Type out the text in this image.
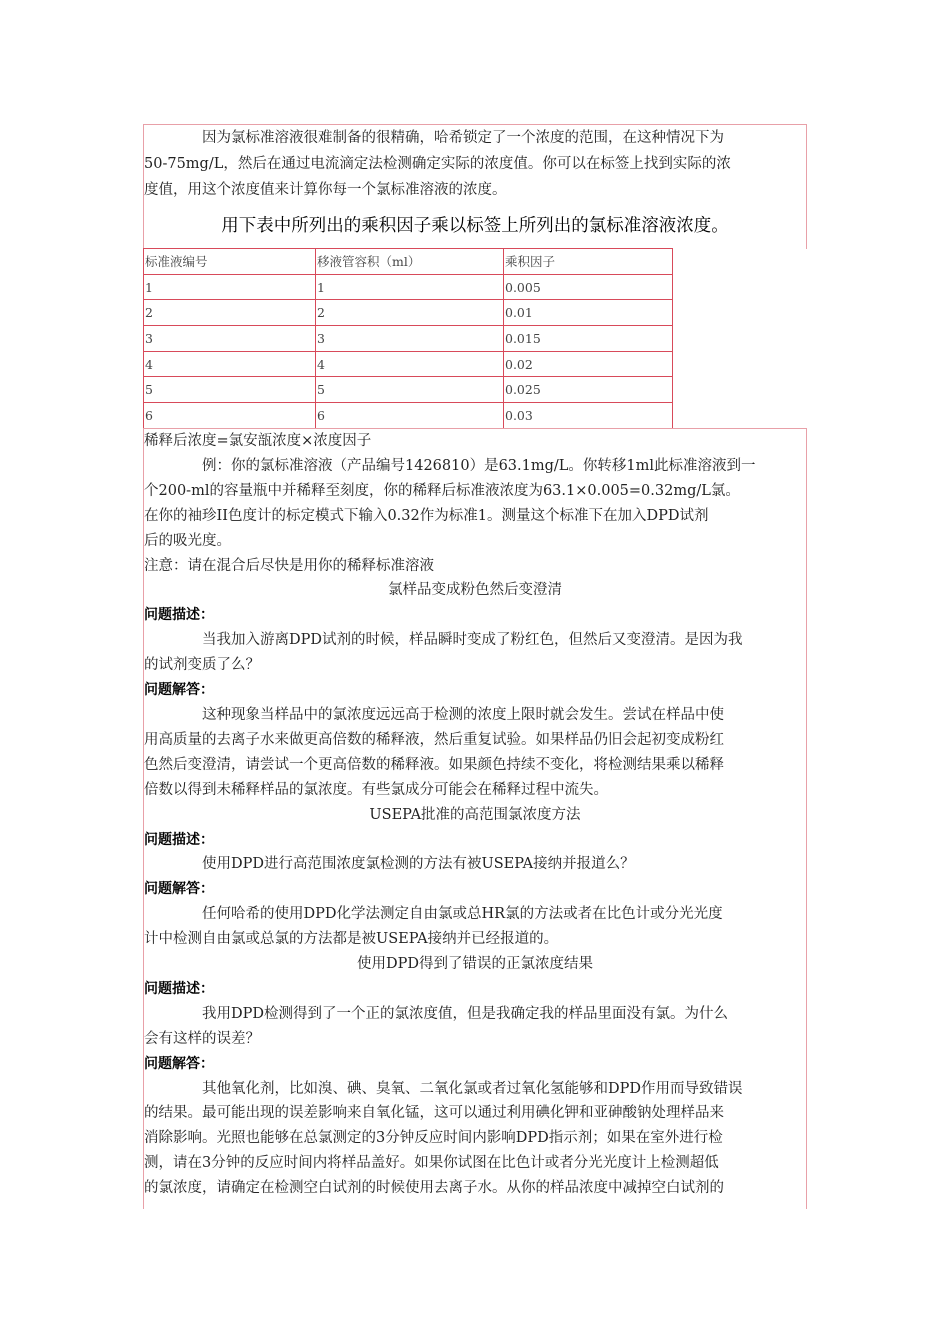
因为氯标准溶液很难制备的很精确，哈希锁定了一个浓度的范围，在这种情况下为

50-75mg/L，然后在通过电流滴定法检测确定实际的浓度值。你可以在标签上找到实际的浓

度值，用这个浓度值来计算你每一个氯标准溶液的浓度。

用下表中所列出的乘积因子乘以标签上所列出的氯标准溶液浓度。

标准液编号	移液管容积（ml）	乘积因子
1	1	0.005
2	2	0.01
3	3	0.015
4	4	0.02
5	5	0.025
6	6	0.03

稀释后浓度=氯安瓿浓度×浓度因子

例：你的氯标准溶液（产品编号1426810）是63.1mg/L。你转移1ml此标准溶液到一

个200-ml的容量瓶中并稀释至刻度，你的稀释后标准液浓度为63.1×0.005=0.32mg/L氯。

在你的袖珍II色度计的标定模式下输入0.32作为标准1。测量这个标准下在加入DPD试剂

后的吸光度。

注意：请在混合后尽快是用你的稀释标准溶液

氯样品变成粉色然后变澄清

问题描述：

当我加入游离DPD试剂的时候，样品瞬时变成了粉红色，但然后又变澄清。是因为我

的试剂变质了么？

问题解答：

这种现象当样品中的氯浓度远远高于检测的浓度上限时就会发生。尝试在样品中使

用高质量的去离子水来做更高倍数的稀释液，然后重复试验。如果样品仍旧会起初变成粉红

色然后变澄清，请尝试一个更高倍数的稀释液。如果颜色持续不变化，将检测结果乘以稀释

倍数以得到未稀释样品的氯浓度。有些氯成分可能会在稀释过程中流失。

USEPA批准的高范围氯浓度方法

问题描述：

使用DPD进行高范围浓度氯检测的方法有被USEPA接纳并报道么？

问题解答：

任何哈希的使用DPD化学法测定自由氯或总HR氯的方法或者在比色计或分光光度

计中检测自由氯或总氯的方法都是被USEPA接纳并已经报道的。

使用DPD得到了错误的正氯浓度结果

问题描述：

我用DPD检测得到了一个正的氯浓度值，但是我确定我的样品里面没有氯。为什么

会有这样的误差？

问题解答：

其他氧化剂，比如溴、碘、臭氧、二氧化氯或者过氧化氢能够和DPD作用而导致错误

的结果。最可能出现的误差影响来自氧化锰，这可以通过利用碘化钾和亚砷酸钠处理样品来

消除影响。光照也能够在总氯测定的3分钟反应时间内影响DPD指示剂；如果在室外进行检

测，请在3分钟的反应时间内将样品盖好。如果你试图在比色计或者分光光度计上检测超低

的氯浓度，请确定在检测空白试剂的时候使用去离子水。从你的样品浓度中减掉空白试剂的
